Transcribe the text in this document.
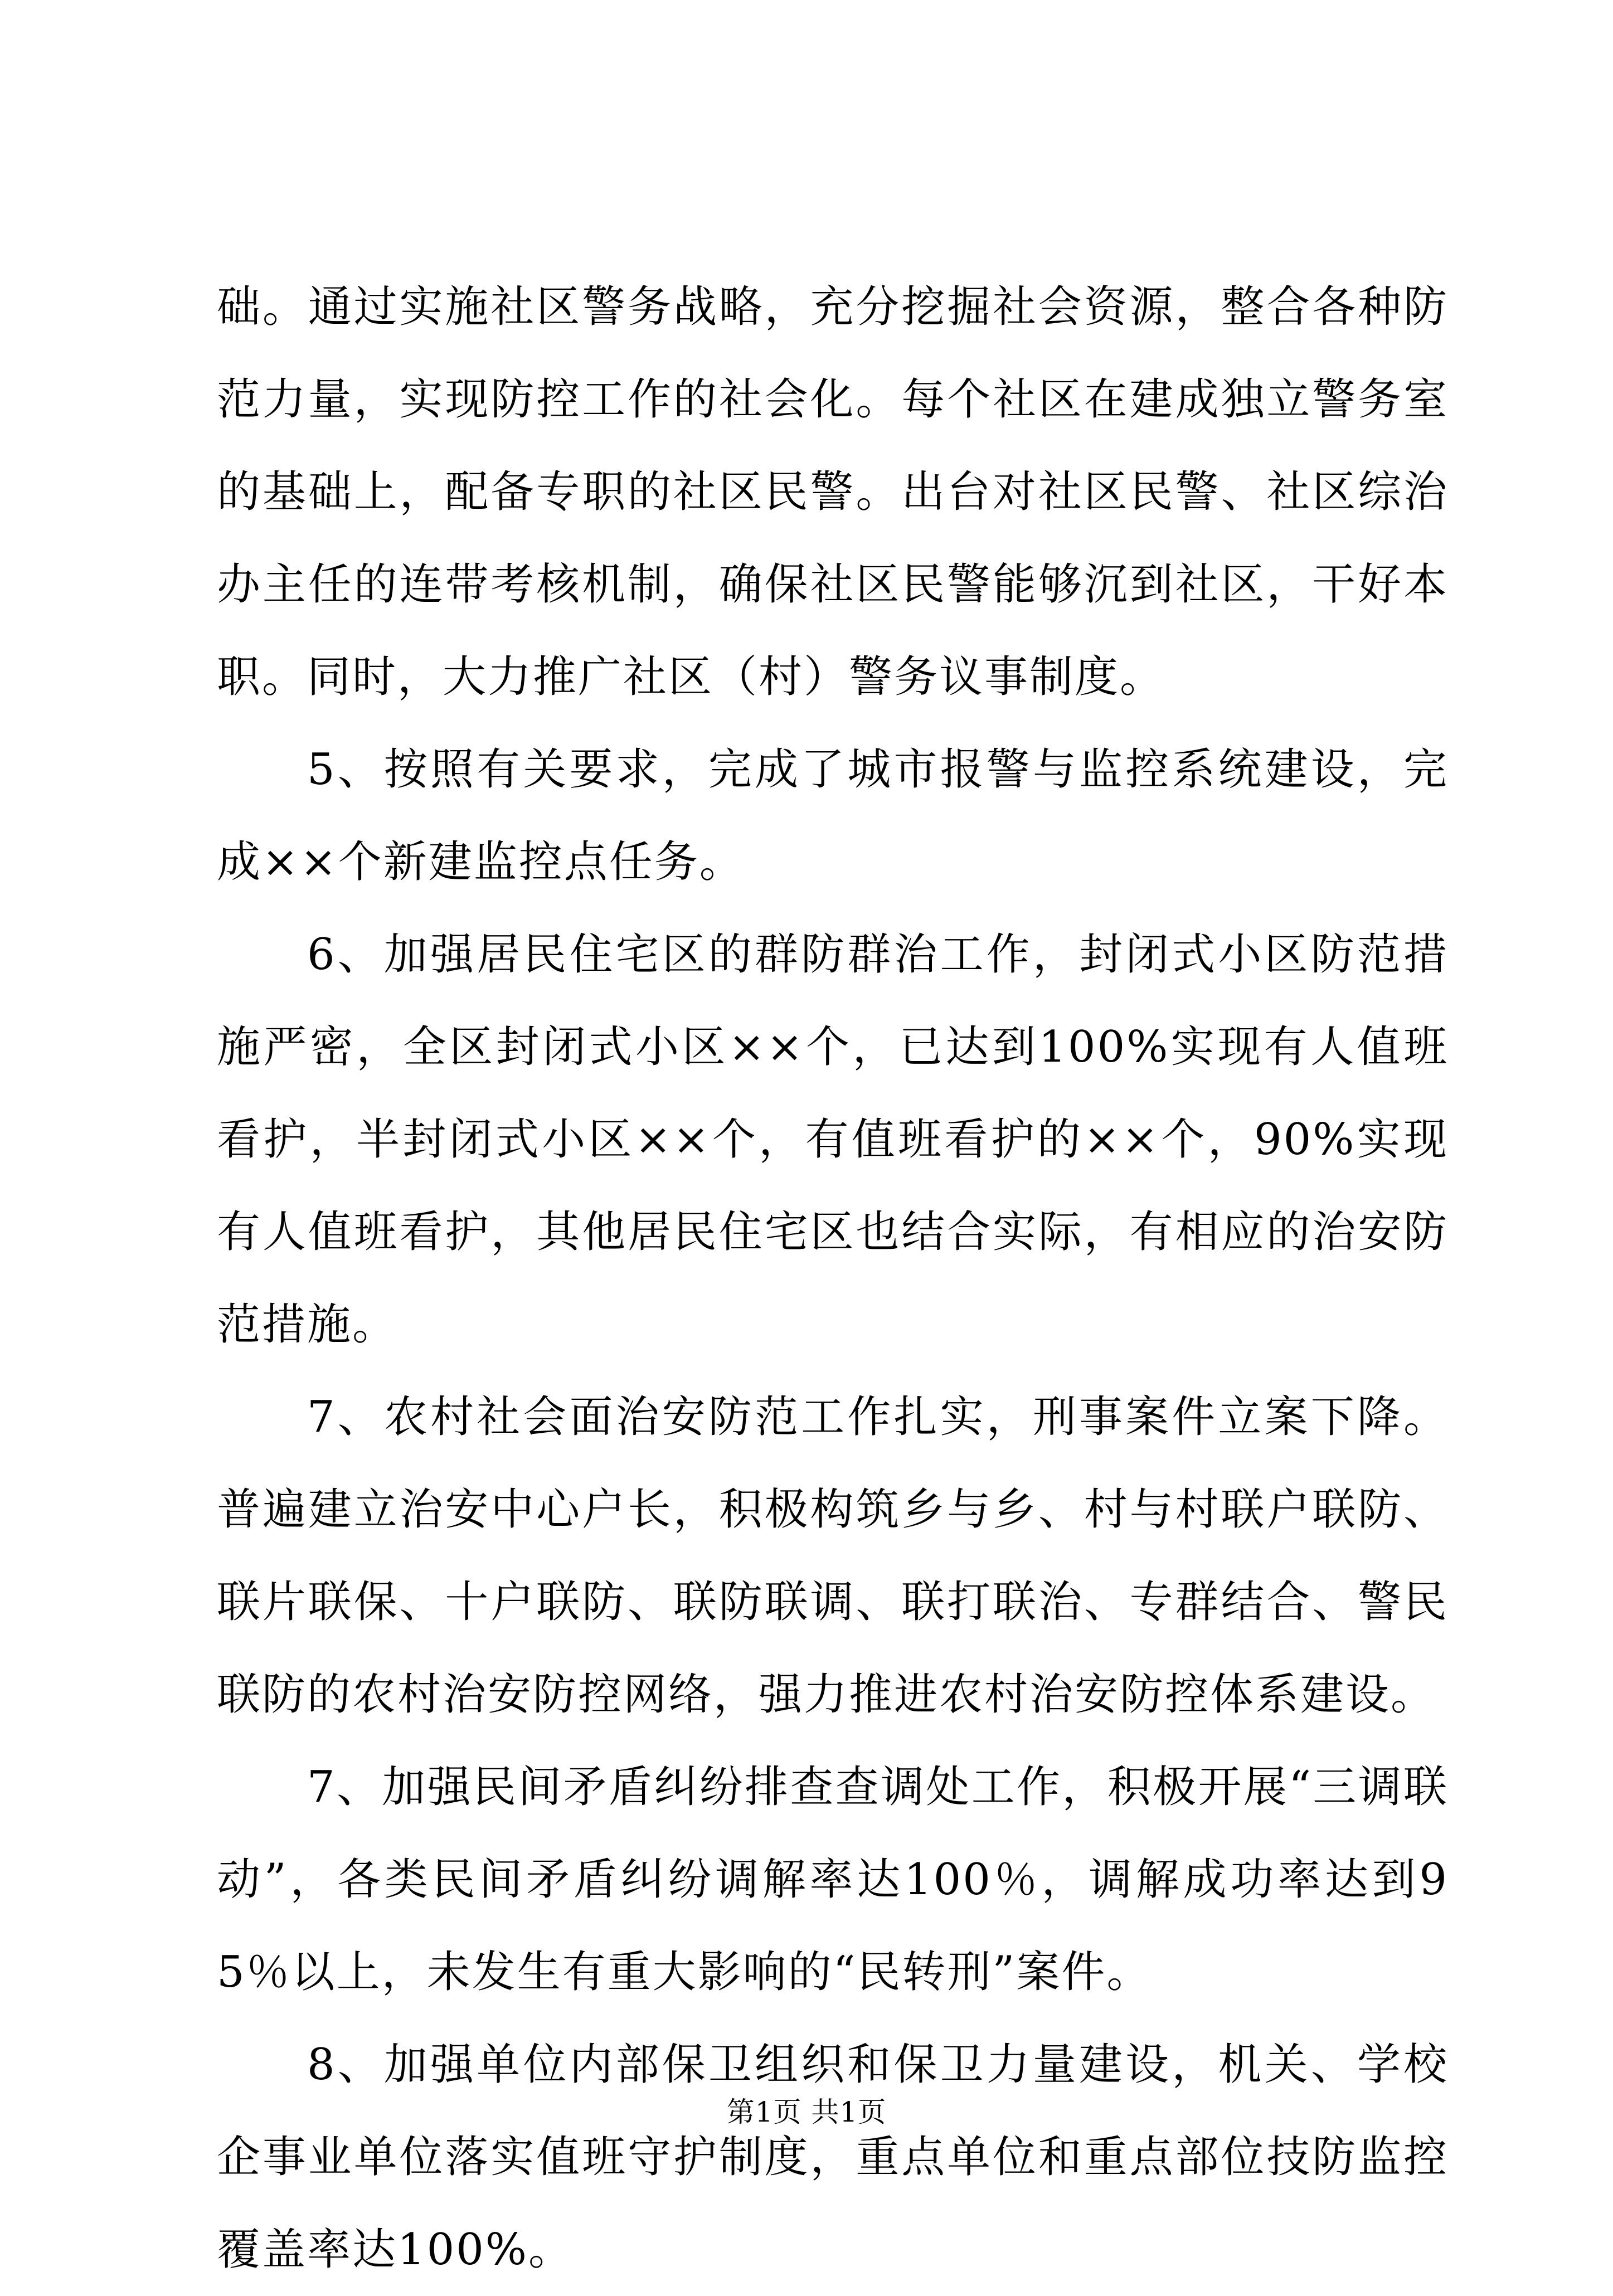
础。通过实施社区警务战略，充分挖掘社会资源，整合各种防范力量，实现防控工作的社会化。每个社区在建成独立警务室的基础上，配备专职的社区民警。出台对社区民警、社区综治办主任的连带考核机制，确保社区民警能够沉到社区，干好本职。同时，大力推广社区（村）警务议事制度。

5、按照有关要求，完成了城市报警与监控系统建设，完成××个新建监控点任务。

6、加强居民住宅区的群防群治工作，封闭式小区防范措施严密，全区封闭式小区××个，已达到100%实现有人值班看护，半封闭式小区××个，有值班看护的××个，90%实现有人值班看护，其他居民住宅区也结合实际，有相应的治安防范措施。

7、农村社会面治安防范工作扎实，刑事案件立案下降。普遍建立治安中心户长，积极构筑乡与乡、村与村联户联防、联片联保、十户联防、联防联调、联打联治、专群结合、警民联防的农村治安防控网络，强力推进农村治安防控体系建设。

7、加强民间矛盾纠纷排查查调处工作，积极开展“三调联动”，各类民间矛盾纠纷调解率达100％，调解成功率达到95％以上，未发生有重大影响的“民转刑”案件。

8、加强单位内部保卫组织和保卫力量建设，机关、学校企事业单位落实值班守护制度，重点单位和重点部位技防监控覆盖率达100%。

第1页 共1页
